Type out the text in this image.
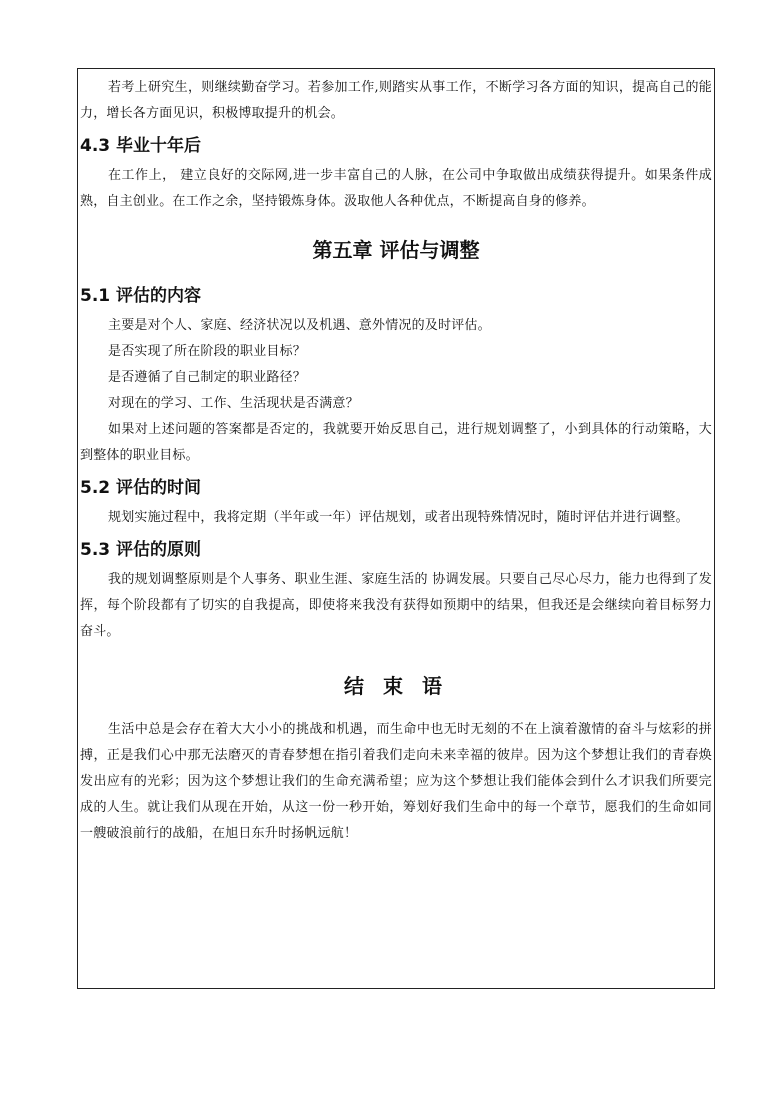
若考上研究生，则继续勤奋学习。若参加工作,则踏实从事工作，不断学习各方面的知识，提高自己的能力，增长各方面见识，积极博取提升的机会。

4.3 毕业十年后

在工作上， 建立良好的交际网,进一步丰富自己的人脉，在公司中争取做出成绩获得提升。如果条件成熟，自主创业。在工作之余，坚持锻炼身体。汲取他人各种优点，不断提高自身的修养。

第五章 评估与调整
5.1 评估的内容

主要是对个人、家庭、经济状况以及机遇、意外情况的及时评估。

是否实现了所在阶段的职业目标？

是否遵循了自己制定的职业路径？

对现在的学习、工作、生活现状是否满意？

如果对上述问题的答案都是否定的，我就要开始反思自己，进行规划调整了，小到具体的行动策略，大到整体的职业目标。

5.2 评估的时间

规划实施过程中，我将定期（半年或一年）评估规划，或者出现特殊情况时，随时评估并进行调整。

5.3 评估的原则

我的规划调整原则是个人事务、职业生涯、家庭生活的 协调发展。只要自己尽心尽力，能力也得到了发挥，每个阶段都有了切实的自我提高，即使将来我没有获得如预期中的结果，但我还是会继续向着目标努力奋斗。

结 束 语

生活中总是会存在着大大小小的挑战和机遇，而生命中也无时无刻的不在上演着激情的奋斗与炫彩的拼搏，正是我们心中那无法磨灭的青春梦想在指引着我们走向未来幸福的彼岸。因为这个梦想让我们的青春焕发出应有的光彩；因为这个梦想让我们的生命充满希望；应为这个梦想让我们能体会到什么才识我们所要完成的人生。就让我们从现在开始，从这一份一秒开始，筹划好我们生命中的每一个章节，愿我们的生命如同一艘破浪前行的战船，在旭日东升时扬帆远航！
